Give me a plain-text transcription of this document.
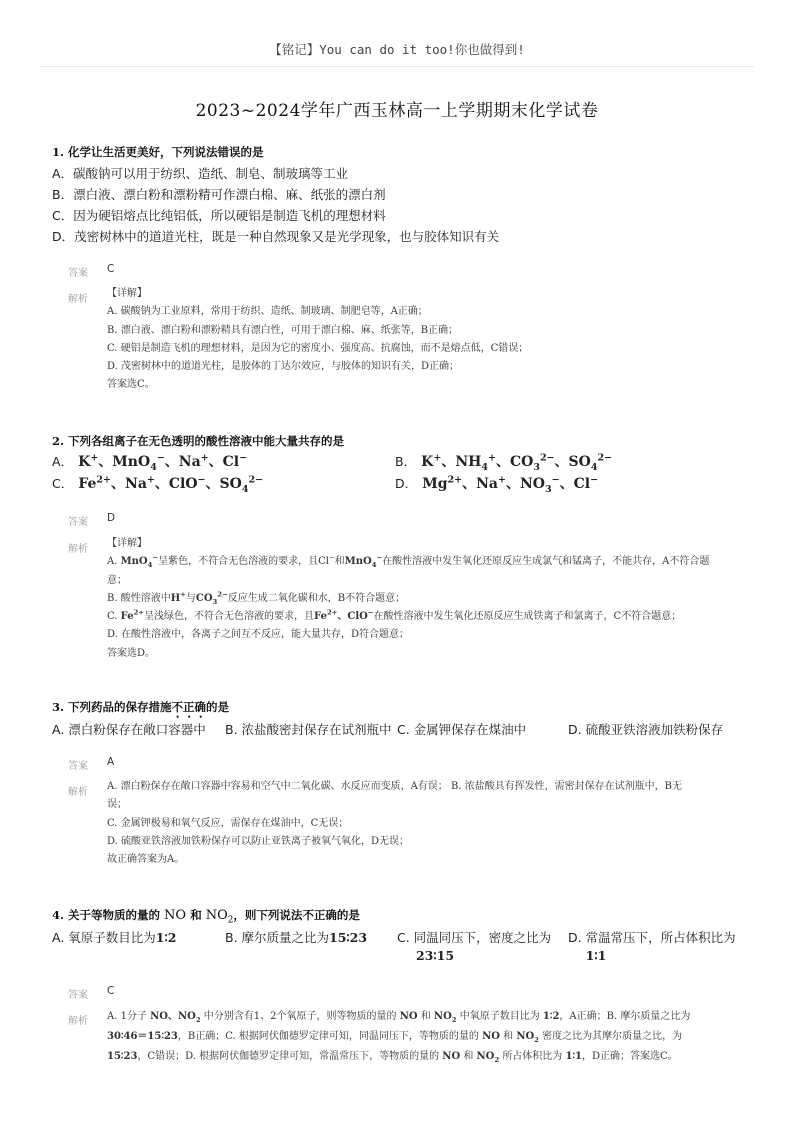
【铭记】You can do it too!你也做得到!
2023~2024学年广西玉林高一上学期期末化学试卷
1. 化学让生活更美好，下列说法错误的是
A．碳酸钠可以用于纺织、造纸、制皂、制玻璃等工业
B．漂白液、漂白粉和漂粉精可作漂白棉、麻、纸张的漂白剂
C．因为硬铝熔点比纯铝低，所以硬铝是制造飞机的理想材料
D．茂密树林中的道道光柱，既是一种自然现象又是光学现象，也与胶体知识有关
答案 C
解析
【详解】
A. 碳酸钠为工业原料，常用于纺织、造纸、制玻璃、制肥皂等，A正确；
B. 漂白液、漂白粉和漂粉精具有漂白性，可用于漂白棉、麻、纸张等，B正确；
C. 硬铝是制造飞机的理想材料，是因为它的密度小、强度高、抗腐蚀，而不是熔点低，C错误；
D. 茂密树林中的道道光柱，是胶体的丁达尔效应，与胶体的知识有关，D正确；
答案选C。
2. 下列各组离子在无色透明的酸性溶液中能大量共存的是
A． K+、MnO$_4$−、Na+、Cl−	B． K+、$NH_4^+$、$CO_3^{2-}$、$SO_4^{2-}$
C． $Fe^{2+}$、Na+、ClO−、$SO_4^{2-}$	D． $Mg^{2+}$、Na+、$NO_3^-$、Cl−
答案 D
解析
【详解】
A. MnO$_4$−呈紫色，不符合无色溶液的要求，且Cl−和MnO$_4$−在酸性溶液中发生氧化还原反应生成氯气和锰离子，不能共存，A不符合题
意；
B. 酸性溶液中H+与$CO_3^{2-}$反应生成二氧化碳和水，B不符合题意；
C. $Fe^{2+}$呈浅绿色，不符合无色溶液的要求，且$Fe^{2+}$、ClO−在酸性溶液中发生氧化还原反应生成铁离子和氯离子，C不符合题意；
D. 在酸性溶液中，各离子之间互不反应，能大量共存，D符合题意；
答案选D。
3. 下列药品的保存措施不正确的是
A. 漂白粉保存在敞口容器中 B. 浓盐酸密封保存在试剂瓶中 C. 金属钾保存在煤油中	D. 硫酸亚铁溶液加铁粉保存
答案 A
解析
A. 漂白粉保存在敞口容器中容易和空气中二氧化碳、水反应而变质，A有误； B. 浓盐酸具有挥发性，需密封保存在试剂瓶中，B无
误；
C. 金属钾极易和氧气反应，需保存在煤油中，C无误；
D. 硫酸亚铁溶液加铁粉保存可以防止亚铁离子被氧气氧化，D无误；
故正确答案为A。
4. 关于等物质的量的 NO 和 $NO_2$，则下列说法不正确的是
A. 氧原子数目比为1∶2	B. 摩尔质量之比为15∶23 C. 同温同压下，密度之比为
23∶15
D. 常温常压下，所占体积比为
1∶1
答案 C
解析 A. 1分子 NO、$NO_2$ 中分别含有1、2个氧原子，则等物质的量的 NO 和 $NO_2$ 中氧原子数目比为 1∶2，A正确；B. 摩尔质量之比为
30∶46＝15∶23，B正确；C. 根据阿伏伽德罗定律可知，同温同压下，等物质的量的 NO 和 $NO_2$ 密度之比为其摩尔质量之比，为
15∶23，C错误；D. 根据阿伏伽德罗定律可知，常温常压下，等物质的量的 NO 和 $NO_2$ 所占体积比为 1∶1，D正确；答案选C。
